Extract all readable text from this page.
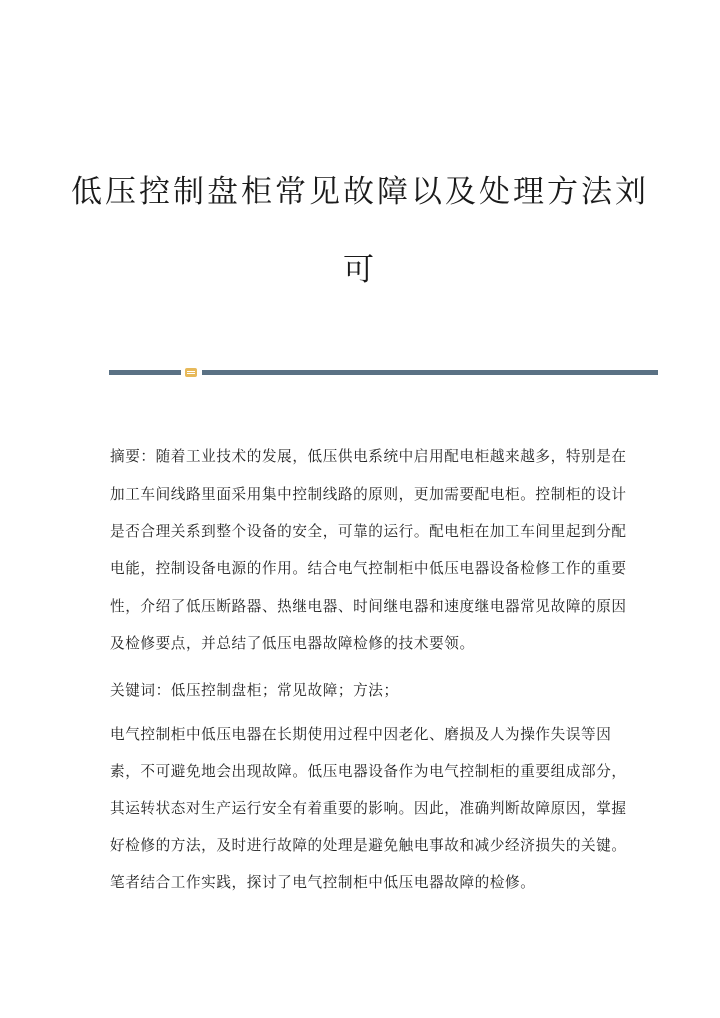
低压控制盘柜常见故障以及处理方法刘
可
摘要：随着工业技术的发展，低压供电系统中启用配电柜越来越多，特别是在
加工车间线路里面采用集中控制线路的原则，更加需要配电柜。控制柜的设计
是否合理关系到整个设备的安全，可靠的运行。配电柜在加工车间里起到分配
电能，控制设备电源的作用。结合电气控制柜中低压电器设备检修工作的重要
性，介绍了低压断路器、热继电器、时间继电器和速度继电器常见故障的原因
及检修要点，并总结了低压电器故障检修的技术要领。
关键词：低压控制盘柜；常见故障；方法；
电气控制柜中低压电器在长期使用过程中因老化、磨损及人为操作失误等因
素，不可避免地会出现故障。低压电器设备作为电气控制柜的重要组成部分，
其运转状态对生产运行安全有着重要的影响。因此，准确判断故障原因，掌握
好检修的方法，及时进行故障的处理是避免触电事故和减少经济损失的关键。
笔者结合工作实践，探讨了电气控制柜中低压电器故障的检修。
